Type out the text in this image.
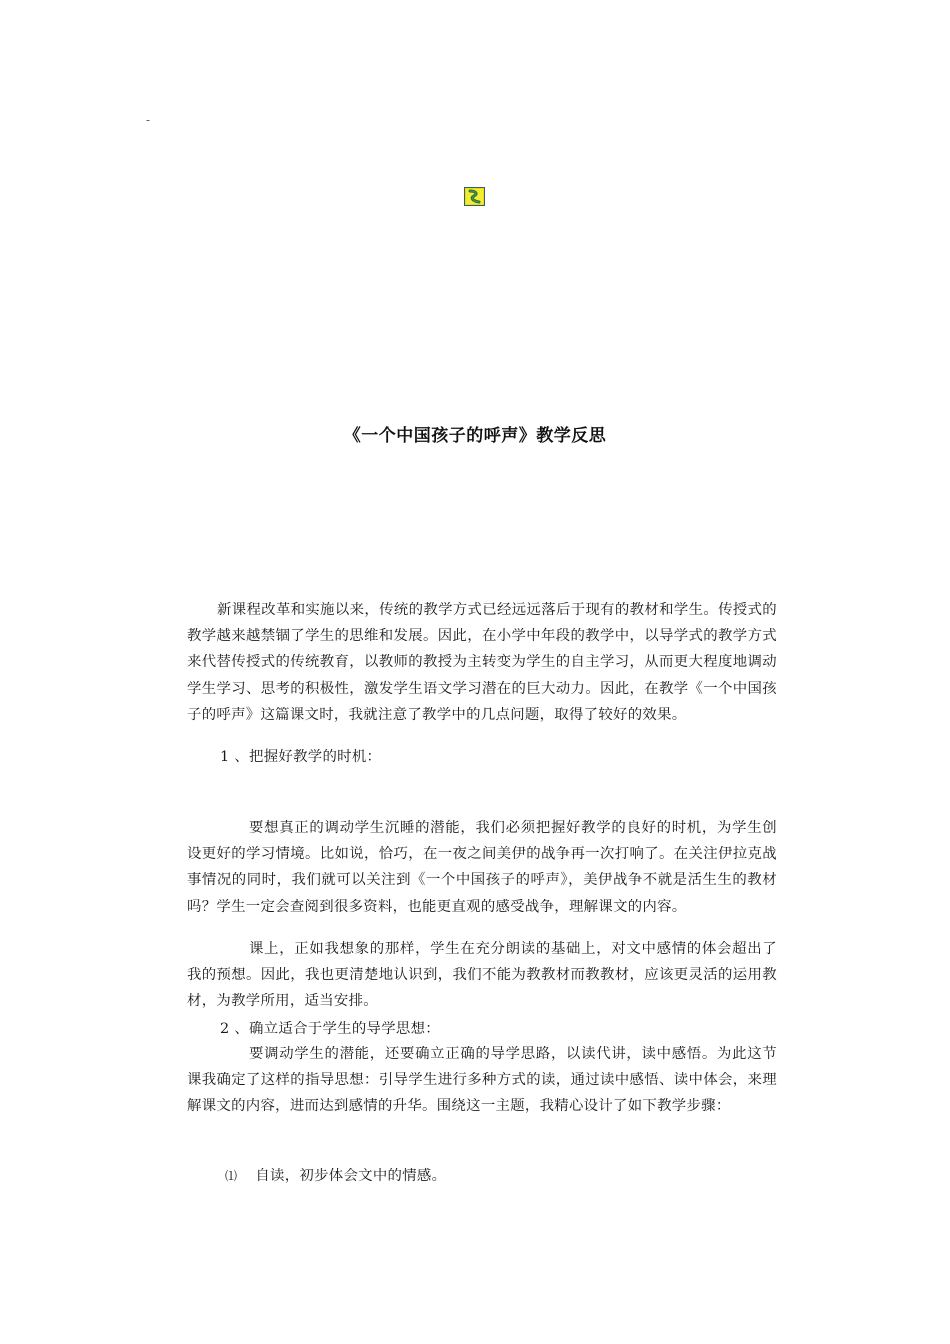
-
《一个中国孩子的呼声》教学反思

新课程改革和实施以来，传统的教学方式已经远远落后于现有的教材和学生。传授式的教学越来越禁锢了学生的思维和发展。因此，在小学中年段的教学中，以导学式的教学方式来代替传授式的传统教育，以教师的教授为主转变为学生的自主学习，从而更大程度地调动学生学习、思考的积极性，激发学生语文学习潜在的巨大动力。因此，在教学《一个中国孩子的呼声》这篇课文时，我就注意了教学中的几点问题，取得了较好的效果。

1 、把握好教学的时机：

要想真正的调动学生沉睡的潜能，我们必须把握好教学的良好的时机，为学生创设更好的学习情境。比如说，恰巧，在一夜之间美伊的战争再一次打响了。在关注伊拉克战事情况的同时，我们就可以关注到《一个中国孩子的呼声》，美伊战争不就是活生生的教材吗？学生一定会查阅到很多资料，也能更直观的感受战争，理解课文的内容。

课上，正如我想象的那样，学生在充分朗读的基础上，对文中感情的体会超出了我的预想。因此，我也更清楚地认识到，我们不能为教教材而教教材，应该更灵活的运用教材，为教学所用，适当安排。

2 、确立适合于学生的导学思想：

要调动学生的潜能，还要确立正确的导学思路，以读代讲，读中感悟。为此这节课我确定了这样的指导思想：引导学生进行多种方式的读，通过读中感悟、读中体会，来理解课文的内容，进而达到感情的升华。围绕这一主题，我精心设计了如下教学步骤：

⑴ 自读，初步体会文中的情感。
